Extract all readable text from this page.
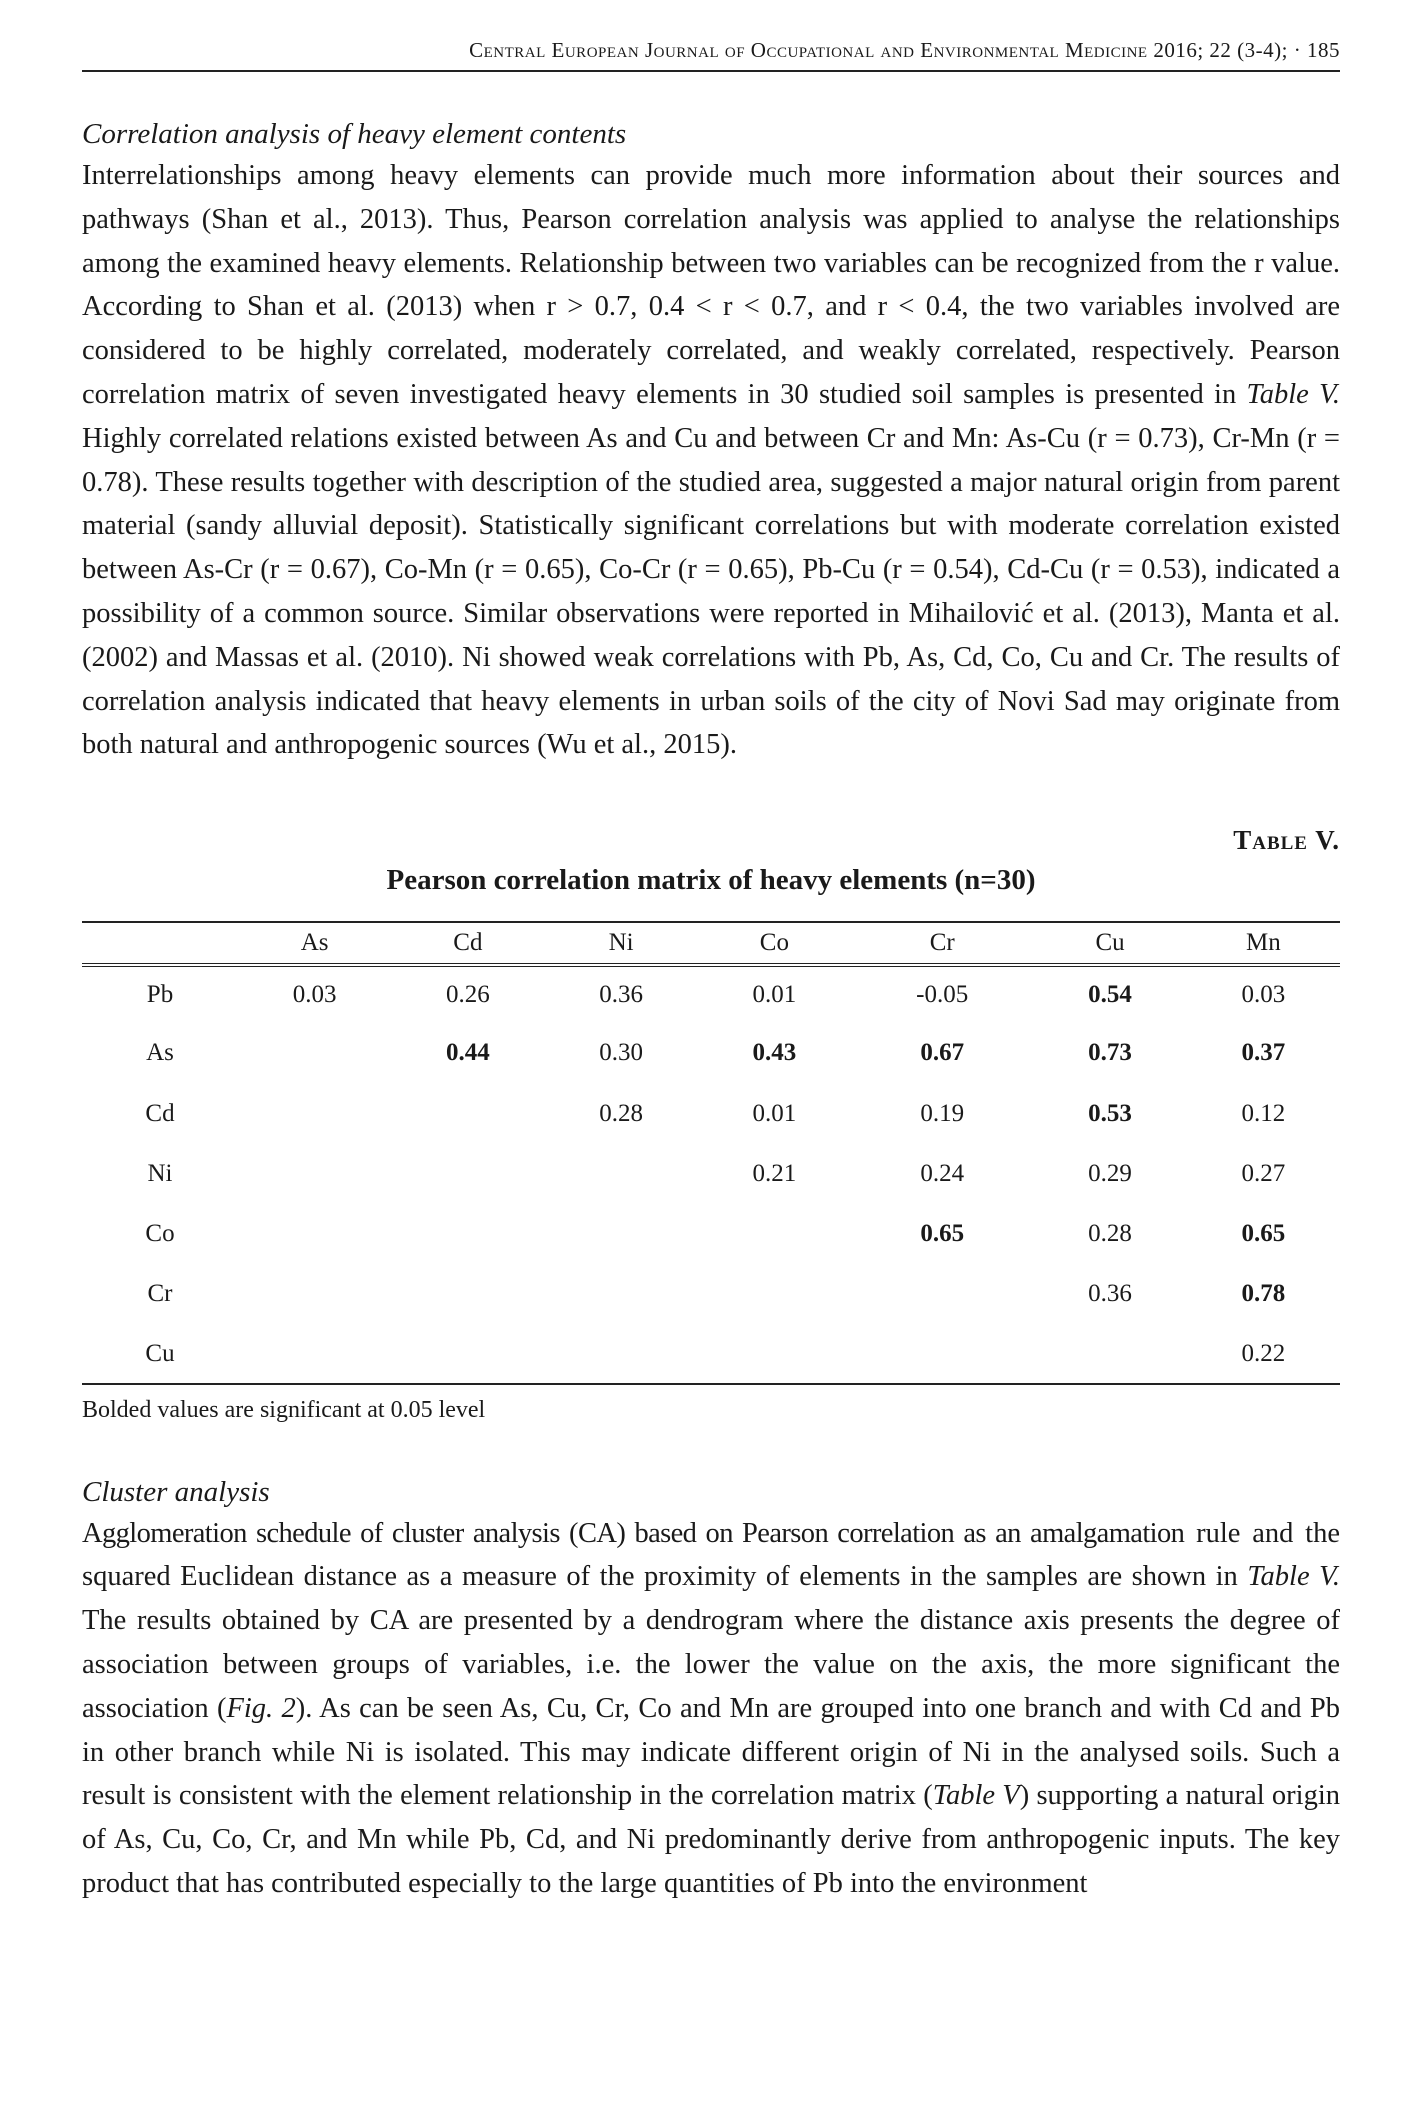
Central European Journal of Occupational and Environmental Medicine 2016; 22 (3-4); · 185
Correlation analysis of heavy element contents

Interrelationships among heavy elements can provide much more information about their sources and pathways (Shan et al., 2013). Thus, Pearson correlation analysis was applied to analyse the relationships among the examined heavy elements. Relationship between two variables can be recognized from the r value. According to Shan et al. (2013) when r > 0.7, 0.4 < r < 0.7, and r < 0.4, the two variables involved are considered to be highly correlated, moderately correlated, and weakly correlated, respectively. Pearson correlation matrix of seven investigated heavy elements in 30 studied soil samples is presented in Table V. Highly correlated relations existed between As and Cu and between Cr and Mn: As-Cu (r = 0.73), Cr-Mn (r = 0.78). These results together with description of the studied area, suggested a major natural origin from parent material (sandy alluvial deposit). Statistically significant correlations but with moderate correlation existed between As-Cr (r = 0.67), Co-Mn (r = 0.65), Co-Cr (r = 0.65), Pb-Cu (r = 0.54), Cd-Cu (r = 0.53), indicated a possibility of a common source. Similar observations were reported in Mihailović et al. (2013), Manta et al. (2002) and Massas et al. (2010). Ni showed weak correlations with Pb, As, Cd, Co, Cu and Cr. The results of correlation analysis indicated that heavy elements in urban soils of the city of Novi Sad may originate from both natural and anthropogenic sources (Wu et al., 2015).

Table V.
Pearson correlation matrix of heavy elements (n=30)
	As	Cd	Ni	Co	Cr	Cu	Mn
Pb	0.03	0.26	0.36	0.01	-0.05	0.54	0.03
As		0.44	0.30	0.43	0.67	0.73	0.37
Cd			0.28	0.01	0.19	0.53	0.12
Ni				0.21	0.24	0.29	0.27
Co					0.65	0.28	0.65
Cr						0.36	0.78
Cu							0.22
Bolded values are significant at 0.05 level
Cluster analysis

Agglomeration schedule of cluster analysis (CA) based on Pearson correlation as an amalgamation rule and the squared Euclidean distance as a measure of the proximity of elements in the samples are shown in Table V. The results obtained by CA are presented by a dendrogram where the distance axis presents the degree of association between groups of variables, i.e. the lower the value on the axis, the more significant the association (Fig. 2). As can be seen As, Cu, Cr, Co and Mn are grouped into one branch and with Cd and Pb in other branch while Ni is isolated. This may indicate different origin of Ni in the analysed soils. Such a result is consistent with the element relationship in the correlation matrix (Table V) supporting a natural origin of As, Cu, Co, Cr, and Mn while Pb, Cd, and Ni predominantly derive from anthropogenic inputs. The key product that has contributed especially to the large quantities of Pb into the environment
